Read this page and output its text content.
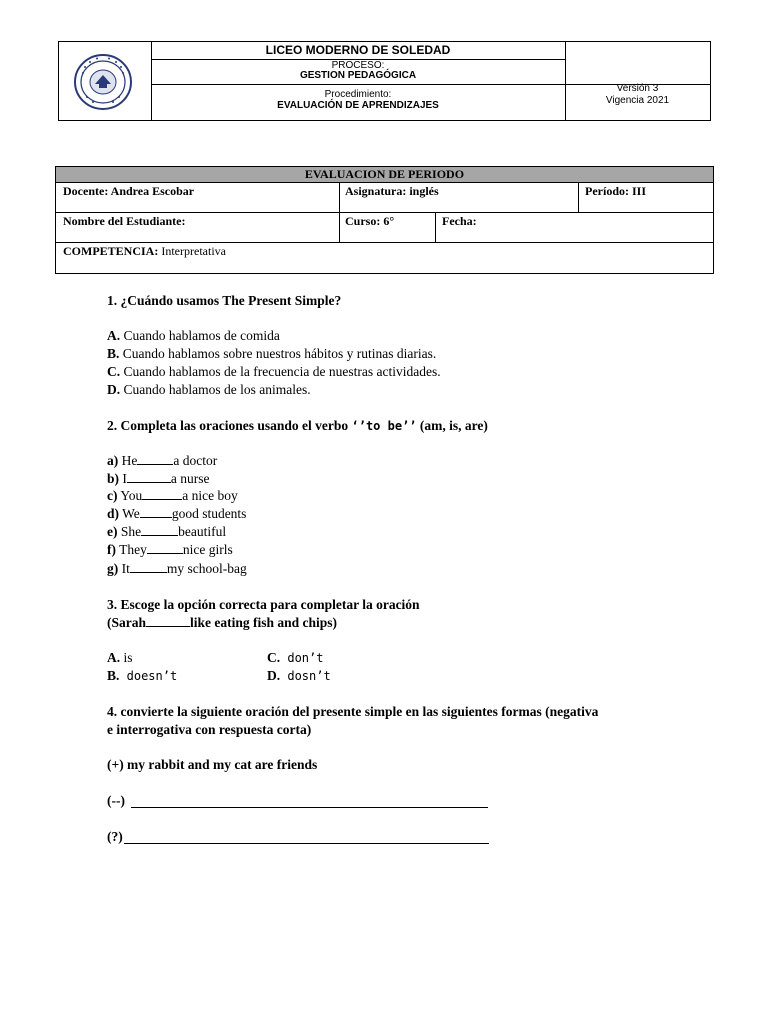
LICEO MODERNO DE SOLEDAD
PROCESO:
GESTION PEDAGÓGICA
Procedimiento:
EVALUACIÓN DE APRENDIZAJES
Versión 3
Vigencia 2021
EVALUACION DE PERIODO
Docente: Andrea Escobar	Asignatura: inglés	Período: III
Nombre del Estudiante:	Curso: 6°	Fecha:
COMPETENCIA: Interpretativa
1. ¿Cuándo usamos The Present Simple?
A. Cuando hablamos de comida
B. Cuando hablamos sobre nuestros hábitos y rutinas diarias.
C. Cuando hablamos de la frecuencia de nuestras actividades.
D. Cuando hablamos de los animales.
2. Completa las oraciones usando el verbo ‘’to be’’ (am, is, are)
a) He	a doctor
b) I	a nurse
c) You	a nice boy
d) We good students
e) She	beautiful
f) They	nice girls
g) It	my school-bag
3. Escoge la opción correcta para completar la oración
(Sarah	like eating fish and chips)
A. is
B. doesn’t
C. don’t
D. dosn’t
4. convierte la siguiente oración del presente simple en las siguientes formas (negativa
e interrogativa con respuesta corta)
(+) my rabbit and my cat are friends
(--)
(?)
